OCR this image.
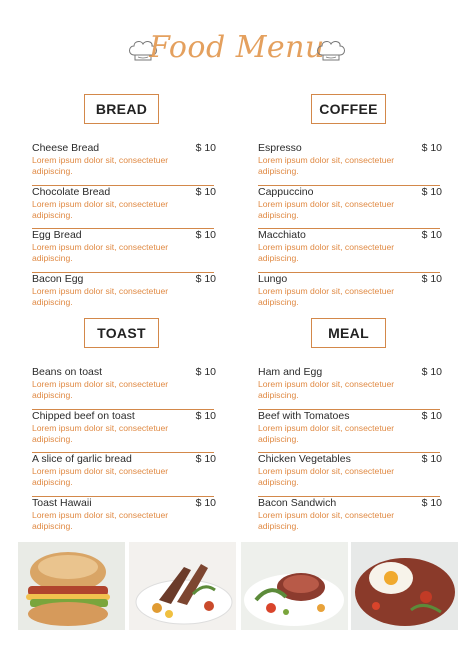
Food Menu
BREAD
Cheese Bread	$ 10
Lorem ipsum dolor sit, consectetuer adipiscing.
Chocolate Bread	$ 10
Lorem ipsum dolor sit, consectetuer adipiscing.
Egg Bread	$ 10
Lorem ipsum dolor sit, consectetuer adipiscing.
Bacon Egg	$ 10
Lorem ipsum dolor sit, consectetuer adipiscing.
COFFEE
Espresso	$ 10
Lorem ipsum dolor sit, consectetuer adipiscing.
Cappuccino	$ 10
Lorem ipsum dolor sit, consectetuer adipiscing.
Macchiato	$ 10
Lorem ipsum dolor sit, consectetuer adipiscing.
Lungo	$ 10
Lorem ipsum dolor sit, consectetuer adipiscing.
TOAST
Beans on toast	$ 10
Lorem ipsum dolor sit, consectetuer adipiscing.
Chipped beef on toast	$ 10
Lorem ipsum dolor sit, consectetuer adipiscing.
A slice of garlic bread	$ 10
Lorem ipsum dolor sit, consectetuer adipiscing.
Toast Hawaii	$ 10
Lorem ipsum dolor sit, consectetuer adipiscing.
MEAL
Ham and Egg	$ 10
Lorem ipsum dolor sit, consectetuer adipiscing.
Beef with Tomatoes	$ 10
Lorem ipsum dolor sit, consectetuer adipiscing.
Chicken Vegetables	$ 10
Lorem ipsum dolor sit, consectetuer adipiscing.
Bacon Sandwich	$ 10
Lorem ipsum dolor sit, consectetuer adipiscing.
